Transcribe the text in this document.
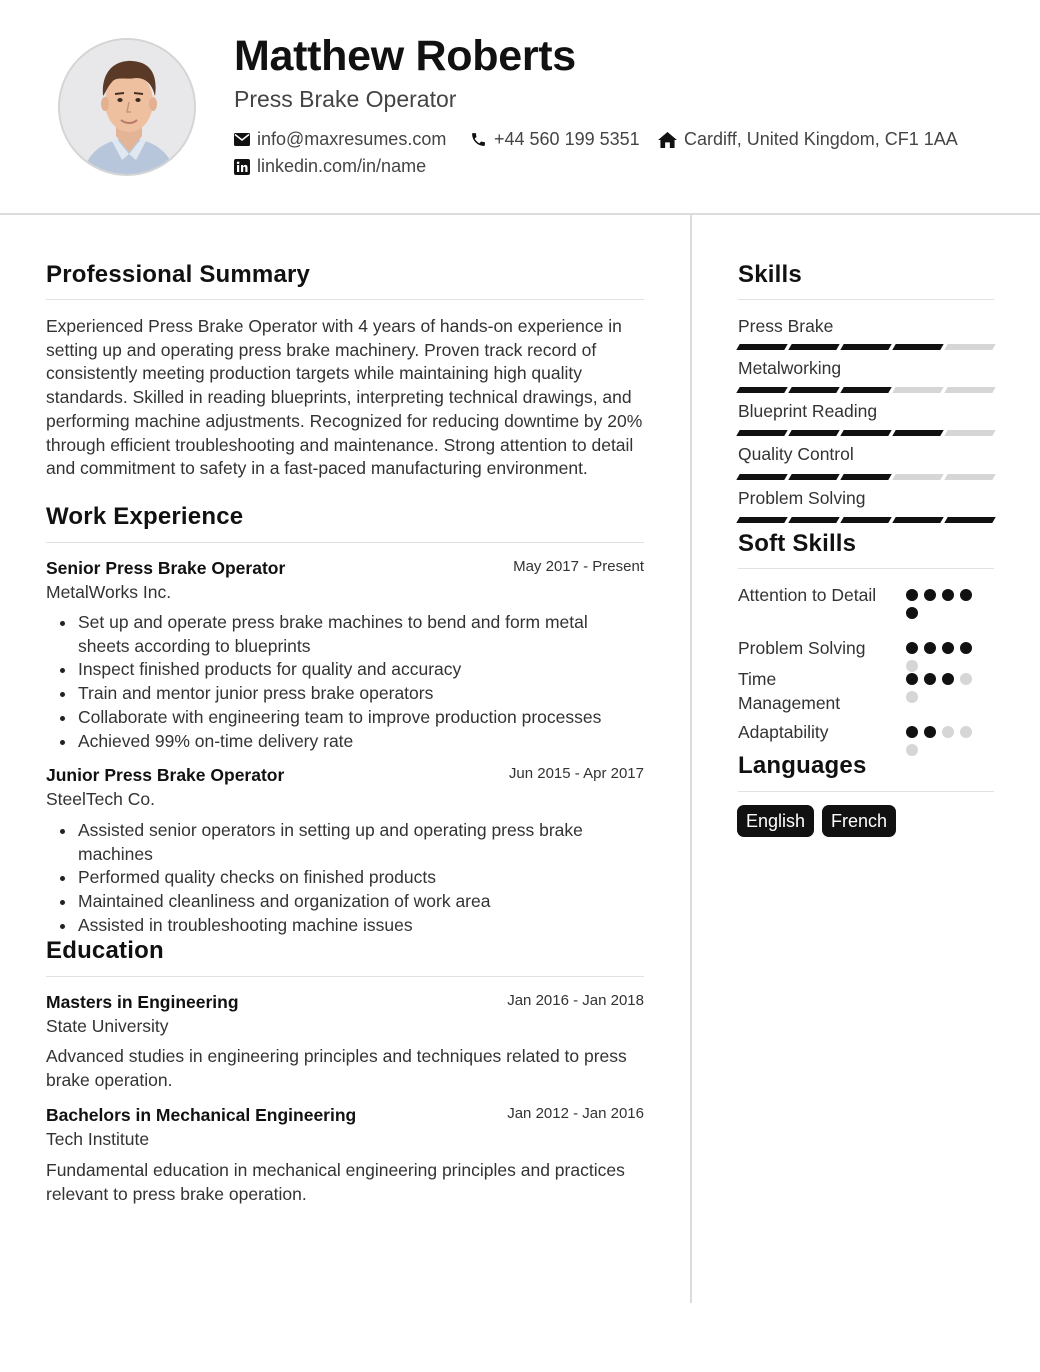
Matthew Roberts
Press Brake Operator
info@maxresumes.com	+44 560 199 5351 Cardiff, United Kingdom, CF1 1AA
linkedin.com/in/name
Professional Summary
Experienced Press Brake Operator with 4 years of hands-on experience in setting up and operating press brake machinery. Proven track record of consistently meeting production targets while maintaining high quality standards. Skilled in reading blueprints, interpreting technical drawings, and performing machine adjustments. Recognized for reducing downtime by 20% through efficient troubleshooting and maintenance. Strong attention to detail and commitment to safety in a fast-paced manufacturing environment.
Work Experience
Senior Press Brake Operator	May 2017 - Present
MetalWorks Inc.
Set up and operate press brake machines to bend and form metal sheets according to blueprints
Inspect finished products for quality and accuracy
Train and mentor junior press brake operators
Collaborate with engineering team to improve production processes
Achieved 99% on-time delivery rate
Junior Press Brake Operator	Jun 2015 - Apr 2017
SteelTech Co.
Assisted senior operators in setting up and operating press brake machines
Performed quality checks on finished products
Maintained cleanliness and organization of work area
Assisted in troubleshooting machine issues
Education
Masters in Engineering	Jan 2016 - Jan 2018
State University
Advanced studies in engineering principles and techniques related to press brake operation.
Bachelors in Mechanical Engineering	Jan 2012 - Jan 2016
Tech Institute
Fundamental education in mechanical engineering principles and practices relevant to press brake operation.
Skills
Press Brake
Metalworking
Blueprint Reading
Quality Control
Problem Solving
Soft Skills
Attention to Detail
Problem Solving
Time Management
Adaptability
Languages
English	French
